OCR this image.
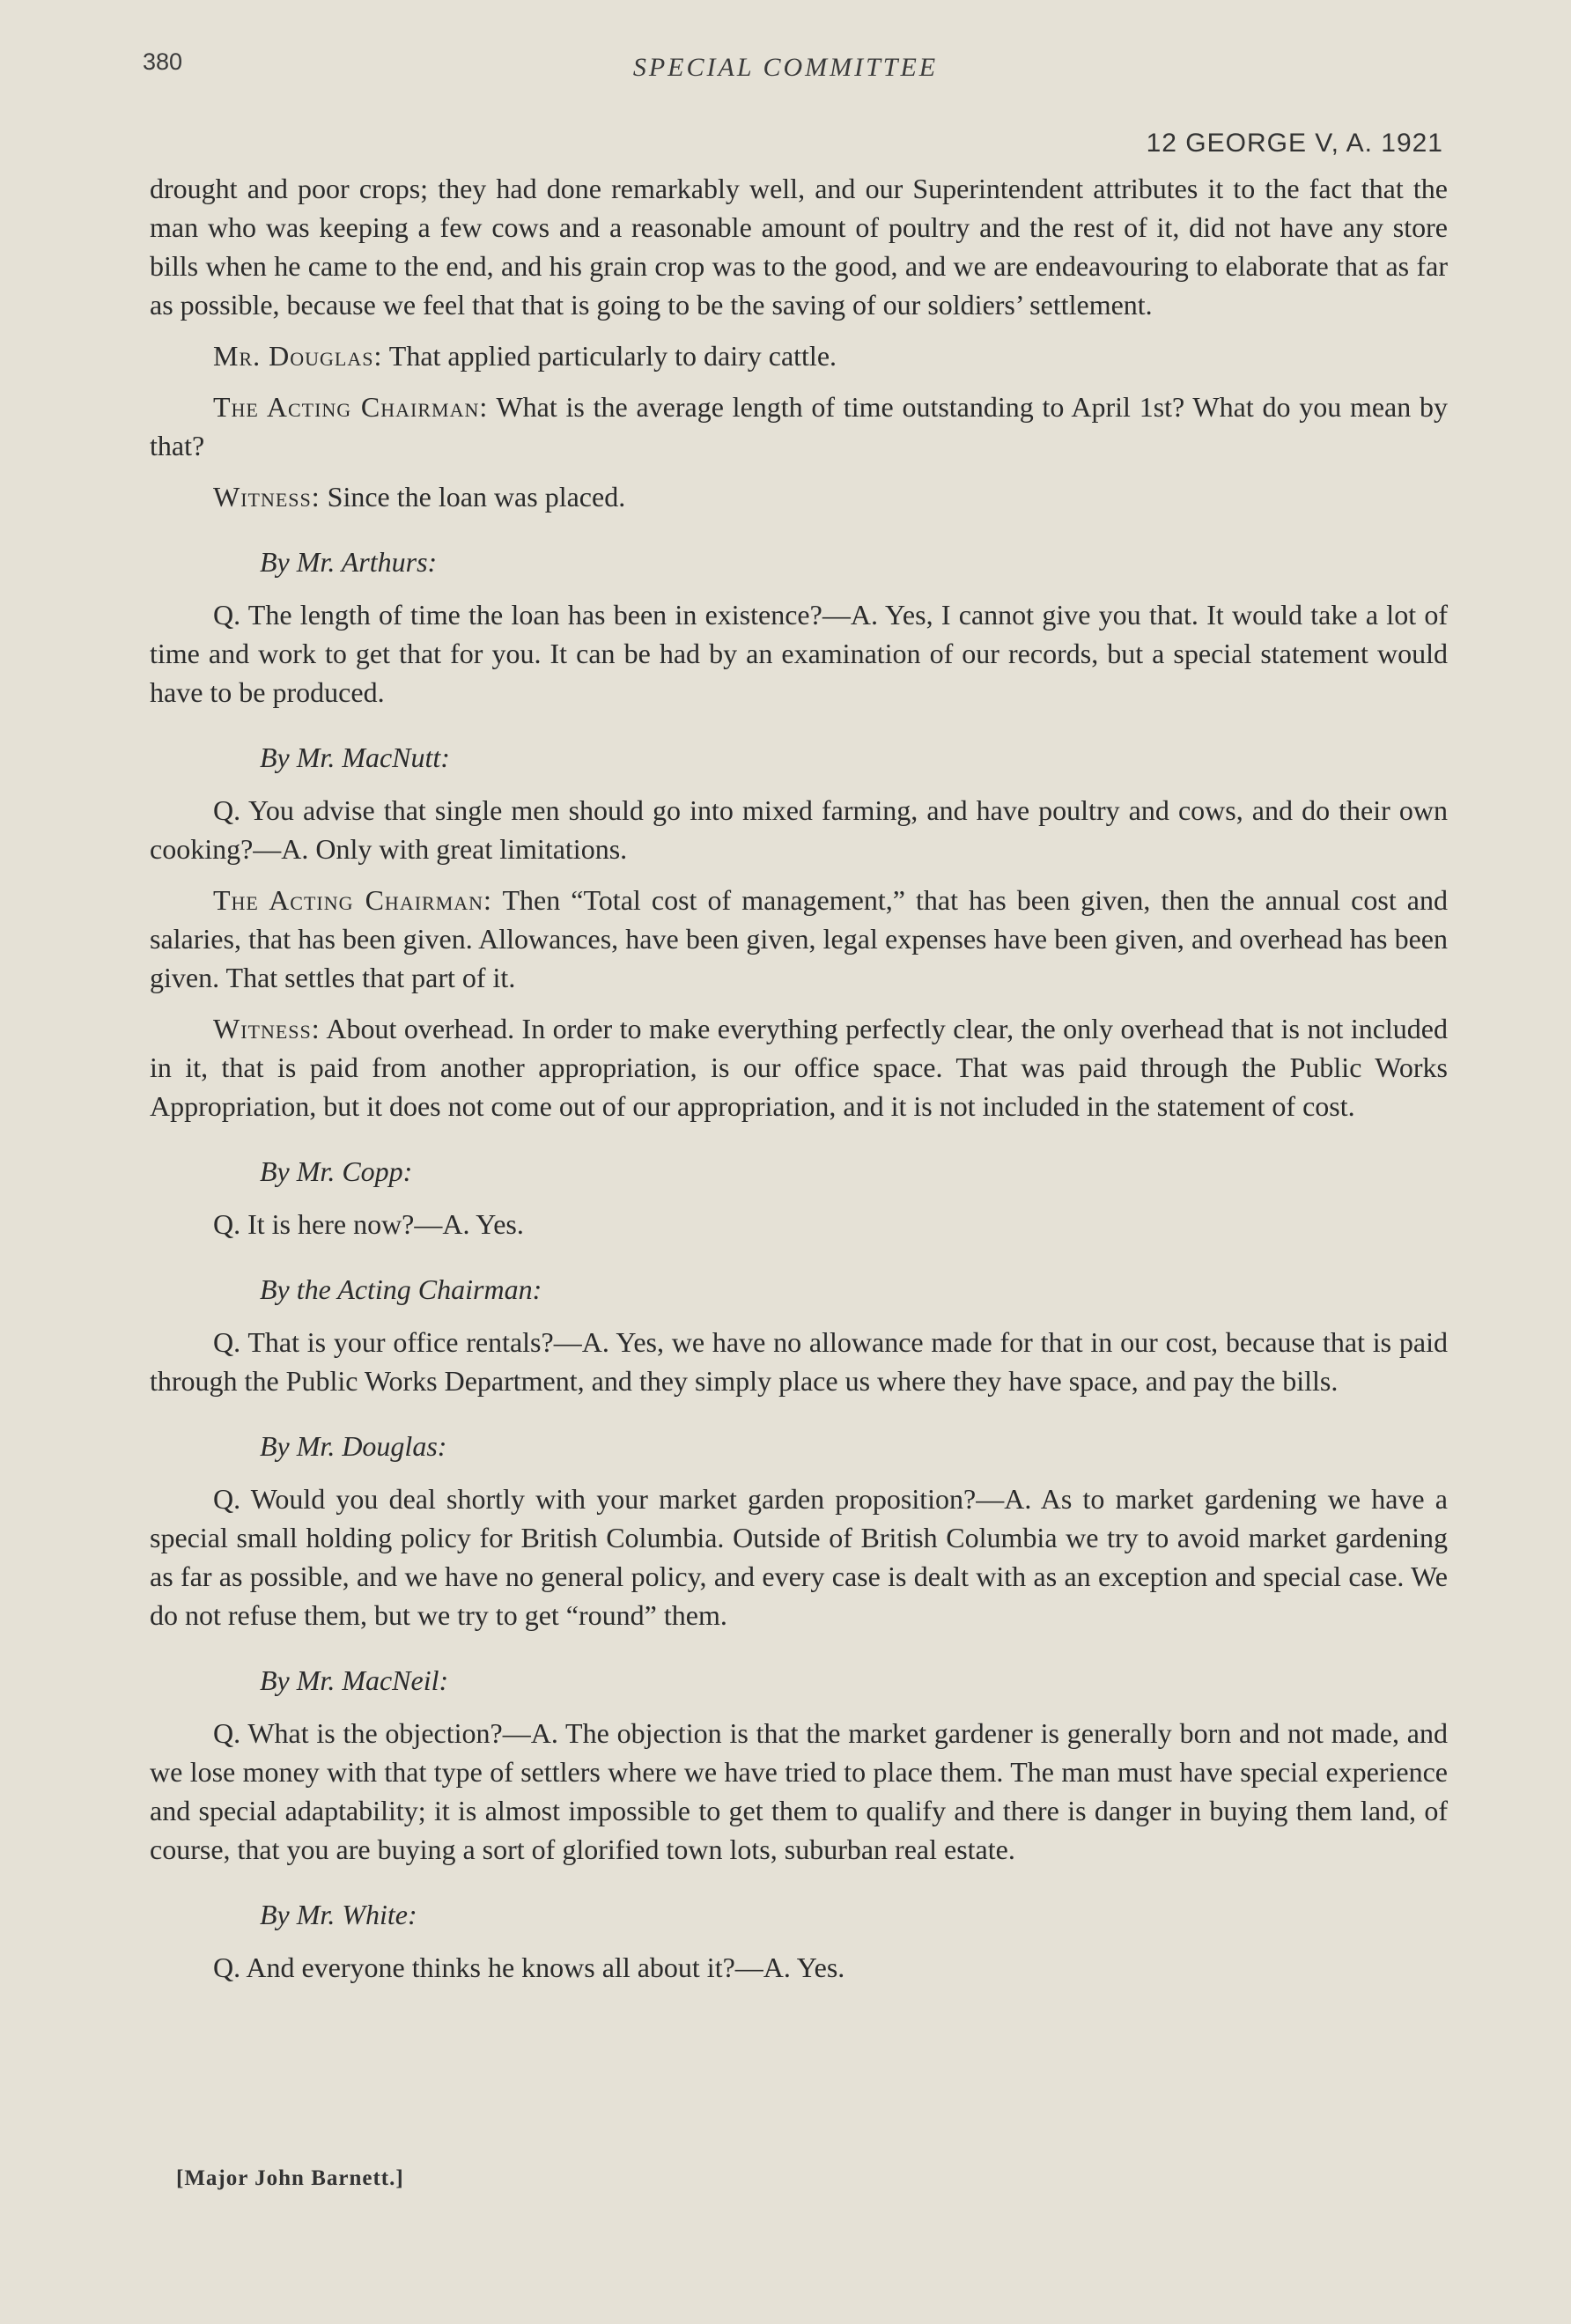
380	SPECIAL COMMITTEE
12 GEORGE V, A. 1921

drought and poor crops; they had done remarkably well, and our Superintendent attributes it to the fact that the man who was keeping a few cows and a reasonable amount of poultry and the rest of it, did not have any store bills when he came to the end, and his grain crop was to the good, and we are endeavouring to elaborate that as far as possible, because we feel that that is going to be the saving of our soldiers’ settlement.

Mr. Douglas: That applied particularly to dairy cattle.

The Acting Chairman: What is the average length of time outstanding to April 1st? What do you mean by that?

Witness: Since the loan was placed.

By Mr. Arthurs:

Q. The length of time the loan has been in existence?—A. Yes, I cannot give you that. It would take a lot of time and work to get that for you. It can be had by an examination of our records, but a special statement would have to be produced.

By Mr. MacNutt:

Q. You advise that single men should go into mixed farming, and have poultry and cows, and do their own cooking?—A. Only with great limitations.

The Acting Chairman: Then “Total cost of management,” that has been given, then the annual cost and salaries, that has been given. Allowances, have been given, legal expenses have been given, and overhead has been given. That settles that part of it.

Witness: About overhead. In order to make everything perfectly clear, the only overhead that is not included in it, that is paid from another appropriation, is our office space. That was paid through the Public Works Appropriation, but it does not come out of our appropriation, and it is not included in the statement of cost.

By Mr. Copp:

Q. It is here now?—A. Yes.

By the Acting Chairman:

Q. That is your office rentals?—A. Yes, we have no allowance made for that in our cost, because that is paid through the Public Works Department, and they simply place us where they have space, and pay the bills.

By Mr. Douglas:

Q. Would you deal shortly with your market garden proposition?—A. As to market gardening we have a special small holding policy for British Columbia. Outside of British Columbia we try to avoid market gardening as far as possible, and we have no general policy, and every case is dealt with as an exception and special case. We do not refuse them, but we try to get “round” them.

By Mr. MacNeil:

Q. What is the objection?—A. The objection is that the market gardener is generally born and not made, and we lose money with that type of settlers where we have tried to place them. The man must have special experience and special adaptability; it is almost impossible to get them to qualify and there is danger in buying them land, of course, that you are buying a sort of glorified town lots, suburban real estate.

By Mr. White:

Q. And everyone thinks he knows all about it?—A. Yes.

[Major John Barnett.]
